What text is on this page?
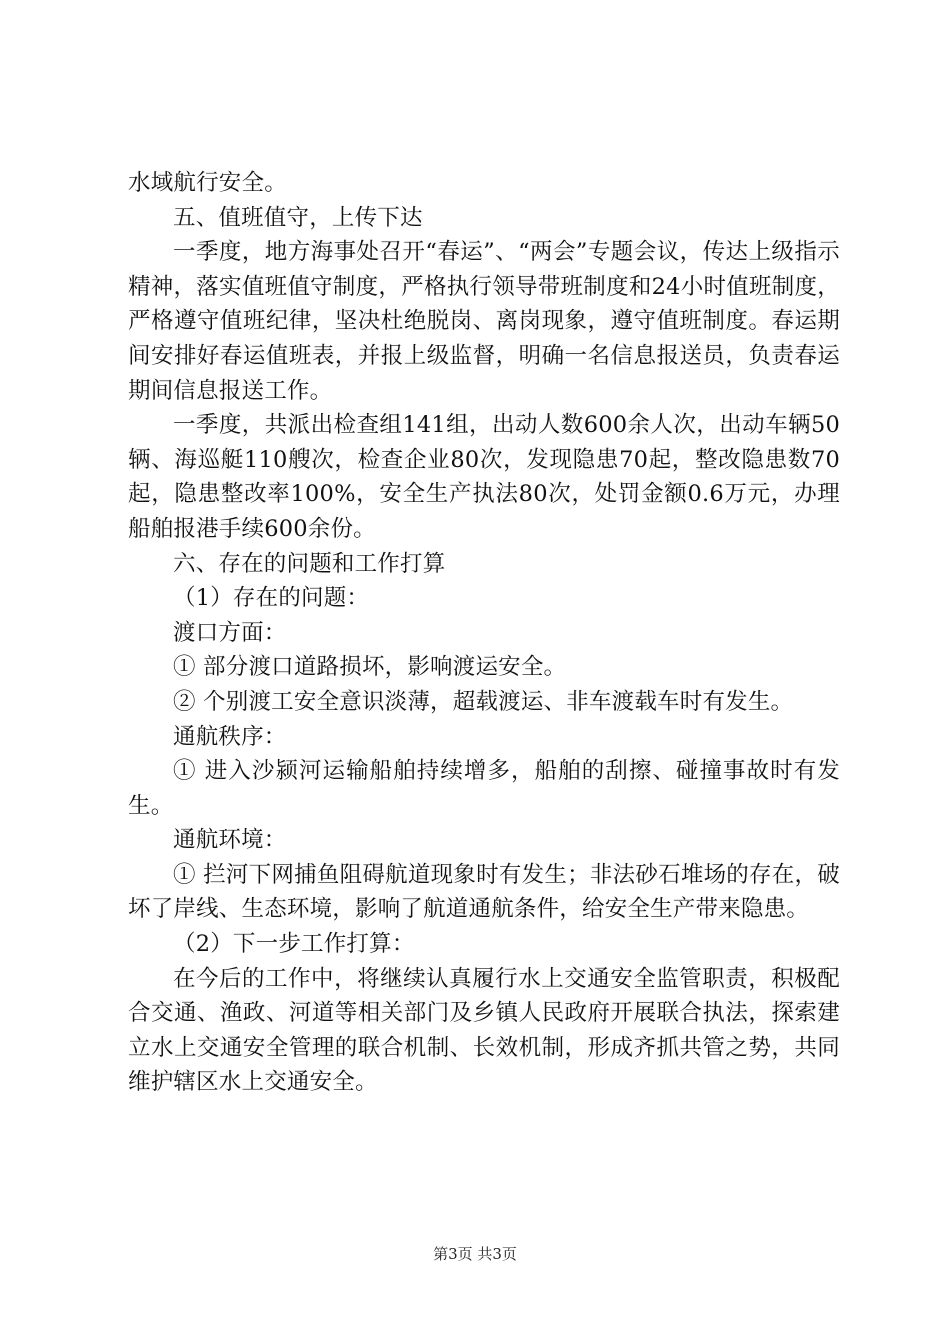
水域航行安全。

五、值班值守，上传下达

一季度，地方海事处召开“春运”、“两会”专题会议，传达上级指示精神，落实值班值守制度，严格执行领导带班制度和24小时值班制度，严格遵守值班纪律，坚决杜绝脱岗、离岗现象，遵守值班制度。春运期间安排好春运值班表，并报上级监督，明确一名信息报送员，负责春运期间信息报送工作。

一季度，共派出检查组141组，出动人数600余人次，出动车辆50辆、海巡艇110艘次，检查企业80次，发现隐患70起，整改隐患数70起，隐患整改率100%，安全生产执法80次，处罚金额0.6万元，办理船舶报港手续600余份。

六、存在的问题和工作打算

（1）存在的问题：

渡口方面：

① 部分渡口道路损坏，影响渡运安全。

② 个别渡工安全意识淡薄，超载渡运、非车渡载车时有发生。

通航秩序：

① 进入沙颍河运输船舶持续增多，船舶的刮擦、碰撞事故时有发生。

通航环境：

① 拦河下网捕鱼阻碍航道现象时有发生；非法砂石堆场的存在，破坏了岸线、生态环境，影响了航道通航条件，给安全生产带来隐患。

（2）下一步工作打算：

在今后的工作中，将继续认真履行水上交通安全监管职责，积极配合交通、渔政、河道等相关部门及乡镇人民政府开展联合执法，探索建立水上交通安全管理的联合机制、长效机制，形成齐抓共管之势，共同维护辖区水上交通安全。

第3页 共3页
